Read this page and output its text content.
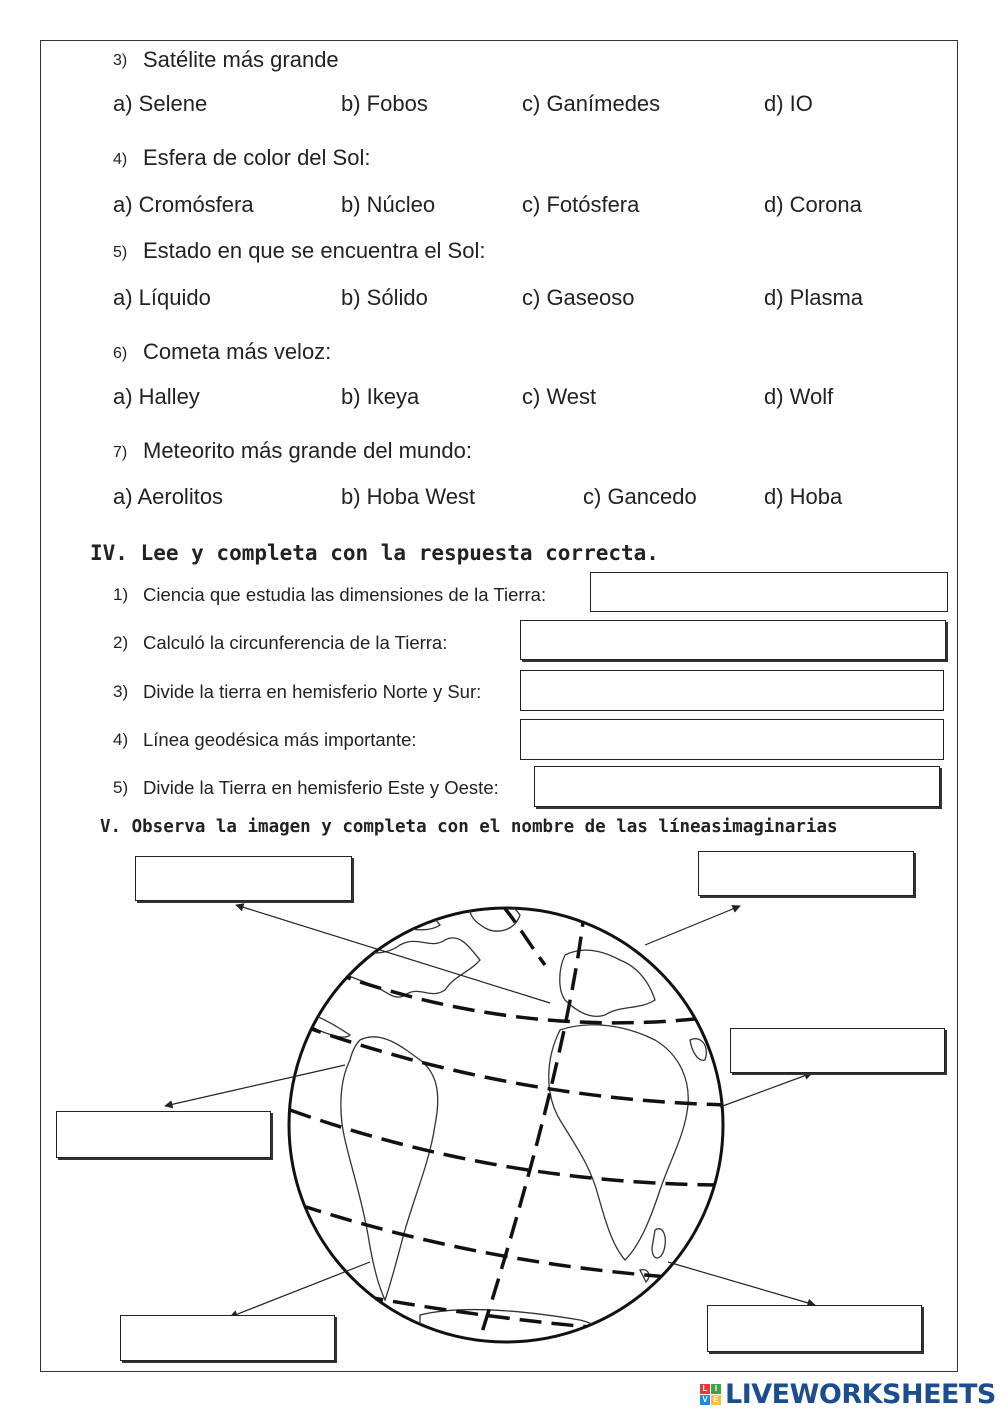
3) Satélite más grande
a) Selene	b) Fobos	c) Ganímedes	d) IO
4) Esfera de color del Sol:
a) Cromósfera	b) Núcleo	c) Fotósfera	d) Corona
5) Estado en que se encuentra el Sol:
a) Líquido	b) Sólido	c) Gaseoso	d) Plasma
6) Cometa más veloz:
a) Halley	b) Ikeya	c) West	d) Wolf
7) Meteorito más grande del mundo:
a) Aerolitos	b) Hoba West	c) Gancedo	d) Hoba
IV. Lee y completa con la respuesta correcta.
1) Ciencia que estudia las dimensiones de la Tierra:
2) Calculó la circunferencia de la Tierra:
3) Divide la tierra en hemisferio Norte y Sur:
4) Línea geodésica más importante:
5) Divide la Tierra en hemisferio Este y Oeste:
V. Observa la imagen y completa con el nombre de las líneasimaginarias
L I
V E LIVEWORKSHEETS
